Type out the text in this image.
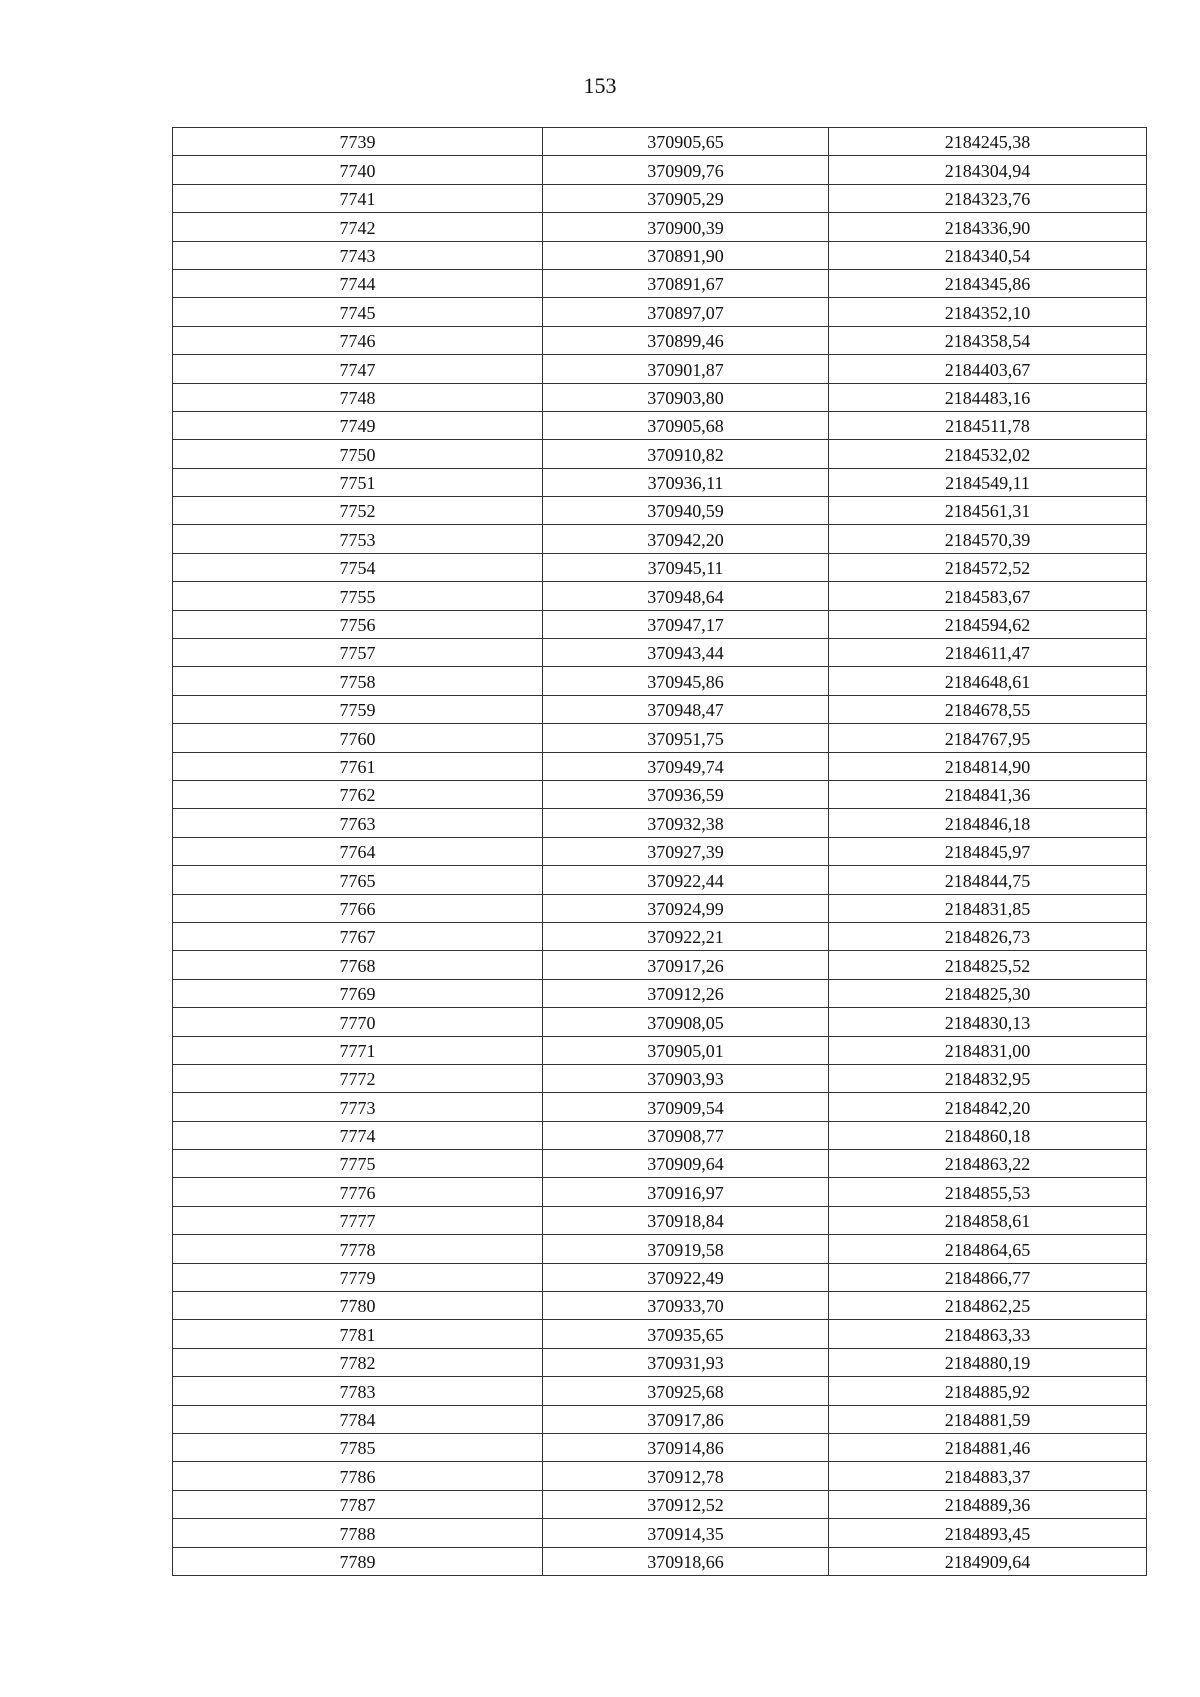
153
7739	370905,65	2184245,38
7740	370909,76	2184304,94
7741	370905,29	2184323,76
7742	370900,39	2184336,90
7743	370891,90	2184340,54
7744	370891,67	2184345,86
7745	370897,07	2184352,10
7746	370899,46	2184358,54
7747	370901,87	2184403,67
7748	370903,80	2184483,16
7749	370905,68	2184511,78
7750	370910,82	2184532,02
7751	370936,11	2184549,11
7752	370940,59	2184561,31
7753	370942,20	2184570,39
7754	370945,11	2184572,52
7755	370948,64	2184583,67
7756	370947,17	2184594,62
7757	370943,44	2184611,47
7758	370945,86	2184648,61
7759	370948,47	2184678,55
7760	370951,75	2184767,95
7761	370949,74	2184814,90
7762	370936,59	2184841,36
7763	370932,38	2184846,18
7764	370927,39	2184845,97
7765	370922,44	2184844,75
7766	370924,99	2184831,85
7767	370922,21	2184826,73
7768	370917,26	2184825,52
7769	370912,26	2184825,30
7770	370908,05	2184830,13
7771	370905,01	2184831,00
7772	370903,93	2184832,95
7773	370909,54	2184842,20
7774	370908,77	2184860,18
7775	370909,64	2184863,22
7776	370916,97	2184855,53
7777	370918,84	2184858,61
7778	370919,58	2184864,65
7779	370922,49	2184866,77
7780	370933,70	2184862,25
7781	370935,65	2184863,33
7782	370931,93	2184880,19
7783	370925,68	2184885,92
7784	370917,86	2184881,59
7785	370914,86	2184881,46
7786	370912,78	2184883,37
7787	370912,52	2184889,36
7788	370914,35	2184893,45
7789	370918,66	2184909,64
